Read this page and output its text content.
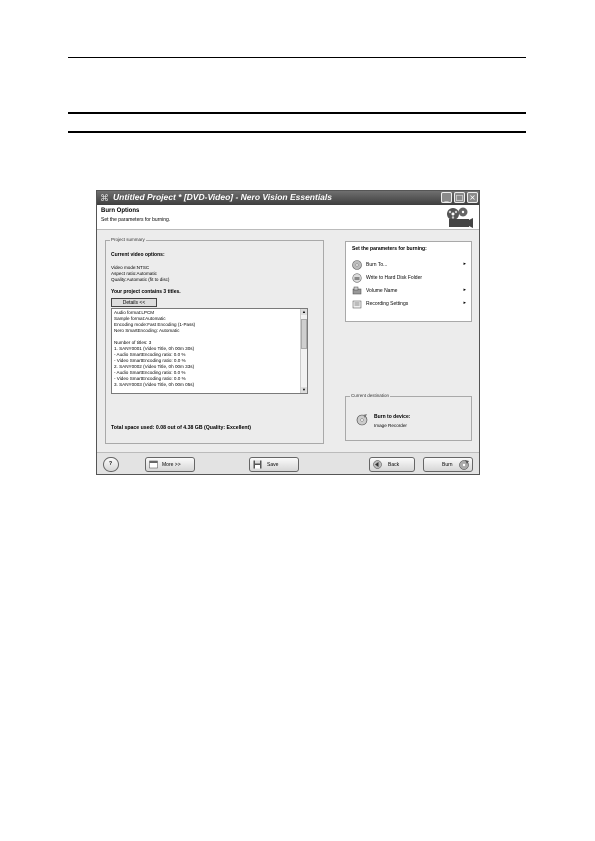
⌘ Untitled Project * [DVD-Video] - Nero Vision Essentials	_ □ ×
Burn Options
Set the parameters for burning.
Project summary
Current video options:
Video mode:NTSC
Aspect ratio:Automatic
Quality:Automatic (fit to disc)
Your project contains 3 titles.
Details <<
Audio format:LPCM
Sample format:Automatic
Encoding mode:Fast Encoding (1-Pass)
Nero SmartEncoding: Automatic
Number of titles: 3
1. SANY0001 (Video Title, 0h 00m 30s)
- Audio SmartEncoding ratio: 0.0 %
- Video SmartEncoding ratio: 0.0 %
2. SANY0002 (Video Title, 0h 00m 33s)
- Audio SmartEncoding ratio: 0.0 %
- Video SmartEncoding ratio: 0.0 %
3. SANY0003 (Video Title, 0h 00m 05s)
▲
▼
Total space used: 0.08 out of 4.38 GB (Quality: Excellent)
Set the parameters for burning:
Burn To...	▸
Write to Hard Disk Folder
Volume Name	▸
Recording Settings	▸
Burn to device:
Image Recorder
Current destination
?	More >>	Save	Back	Burn
